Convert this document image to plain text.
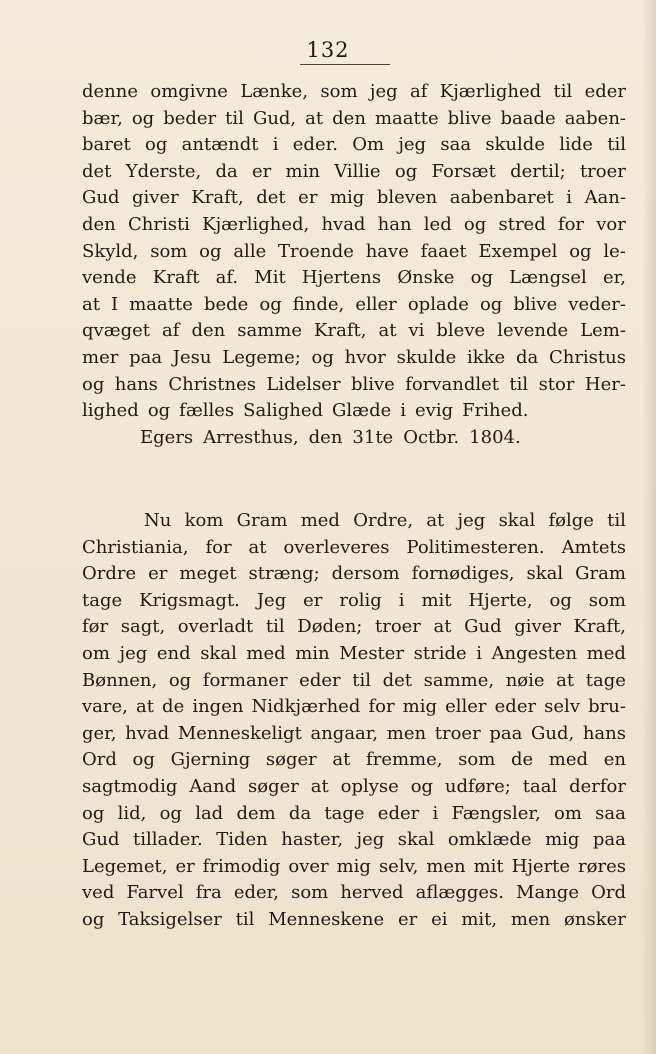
132
denne omgivne Lænke, som jeg af Kjærlighed til eder
bær, og beder til Gud, at den maatte blive baade aaben-
baret og antændt i eder. Om jeg saa skulde lide til
det Yderste, da er min Villie og Forsæt dertil; troer
Gud giver Kraft, det er mig bleven aabenbaret i Aan-
den Christi Kjærlighed, hvad han led og stred for vor
Skyld, som og alle Troende have faaet Exempel og le-
vende Kraft af. Mit Hjertens Ønske og Længsel er,
at I maatte bede og finde, eller oplade og blive veder-
qvæget af den samme Kraft, at vi bleve levende Lem-
mer paa Jesu Legeme; og hvor skulde ikke da Christus
og hans Christnes Lidelser blive forvandlet til stor Her-
lighed og fælles Salighed Glæde i evig Frihed.
Egers Arresthus, den 31te Octbr. 1804.
Nu kom Gram med Ordre, at jeg skal følge til
Christiania, for at overleveres Politimesteren. Amtets
Ordre er meget stræng; dersom fornødiges, skal Gram
tage Krigsmagt. Jeg er rolig i mit Hjerte, og som
før sagt, overladt til Døden; troer at Gud giver Kraft,
om jeg end skal med min Mester stride i Angesten med
Bønnen, og formaner eder til det samme, nøie at tage
vare, at de ingen Nidkjærhed for mig eller eder selv bru-
ger, hvad Menneskeligt angaar, men troer paa Gud, hans
Ord og Gjerning søger at fremme, som de med en
sagtmodig Aand søger at oplyse og udføre; taal derfor
og lid, og lad dem da tage eder i Fængsler, om saa
Gud tillader. Tiden haster, jeg skal omklæde mig paa
Legemet, er frimodig over mig selv, men mit Hjerte røres
ved Farvel fra eder, som herved aflægges. Mange Ord
og Taksigelser til Menneskene er ei mit, men ønsker
